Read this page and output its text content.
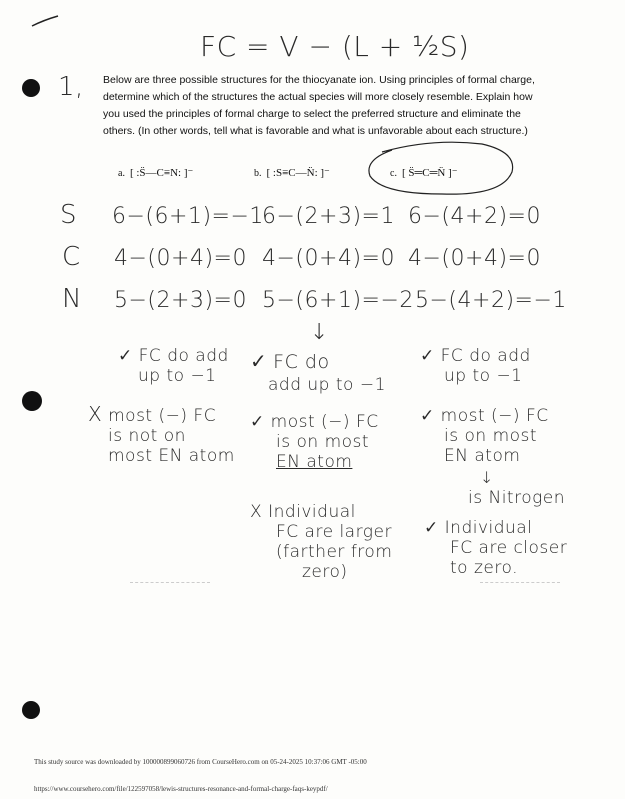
FC = V − (L + ½S)
1, Below are three possible structures for the thiocyanate ion. Using principles of formal charge,
determine which of the structures the actual species will more closely resemble. Explain how
you used the principles of formal charge to select the preferred structure and eliminate the
others. (In other words, tell what is favorable and what is unfavorable about each structure.)
a. [ :S̈—C≡N: ]⁻	b. [ :S≡C—N̈: ]⁻	c. [ S̈═C═N̈ ]⁻
S
C
N
6−(6+1)=−1
6−(2+3)=1 6−(4+2)=0
4−(0+4)=0 4−(0+4)=0 4−(0+4)=0
5−(2+3)=0 5−(6+1)=−2 5−(4+2)=−1
↓
✓ FC do add
up to −1
X most (−) FC
is not on
most EN atom
✓ FC do
add up to −1
✓ most (−) FC
is on most
EN atom
X Individual
FC are larger
(farther from
zero)
✓ FC do add
up to −1
✓ most (−) FC
is on most
EN atom
↓
is Nitrogen
✓ Individual
FC are closer
to zero.
This study source was downloaded by 100000899060726 from CourseHero.com on 05-24-2025 10:37:06 GMT -05:00
https://www.coursehero.com/file/122597058/lewis-structures-resonance-and-formal-charge-faqs-keypdf/
